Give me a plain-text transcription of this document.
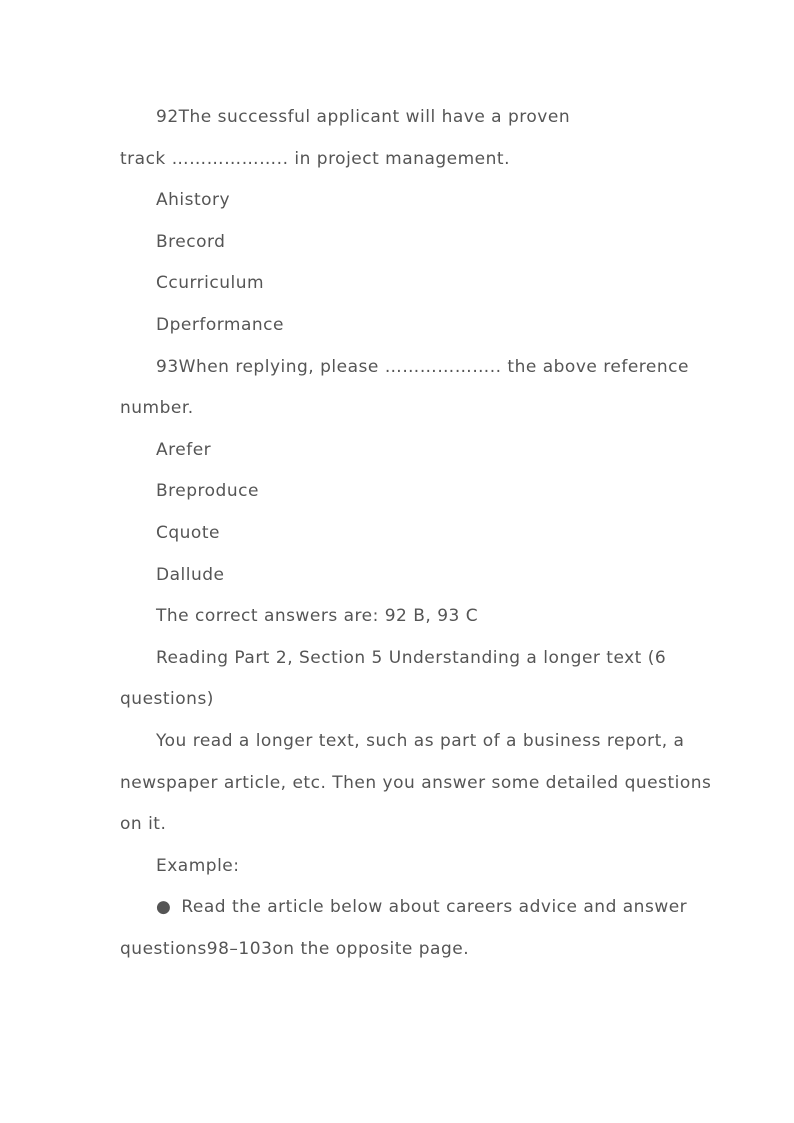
92The successful applicant will have a proven
track ……………….. in project management.
Ahistory
Brecord
Ccurriculum
Dperformance
93When replying, please ……………….. the above reference
number.
Arefer
Breproduce
Cquote
Dallude
The correct answers are: 92 B, 93 C
Reading Part 2, Section 5 Understanding a longer text (6
questions)
You read a longer text, such as part of a business report, a
newspaper article, etc. Then you answer some detailed questions
on it.
Example:
● Read the article below about careers advice and answer
questions98–103on the opposite page.
